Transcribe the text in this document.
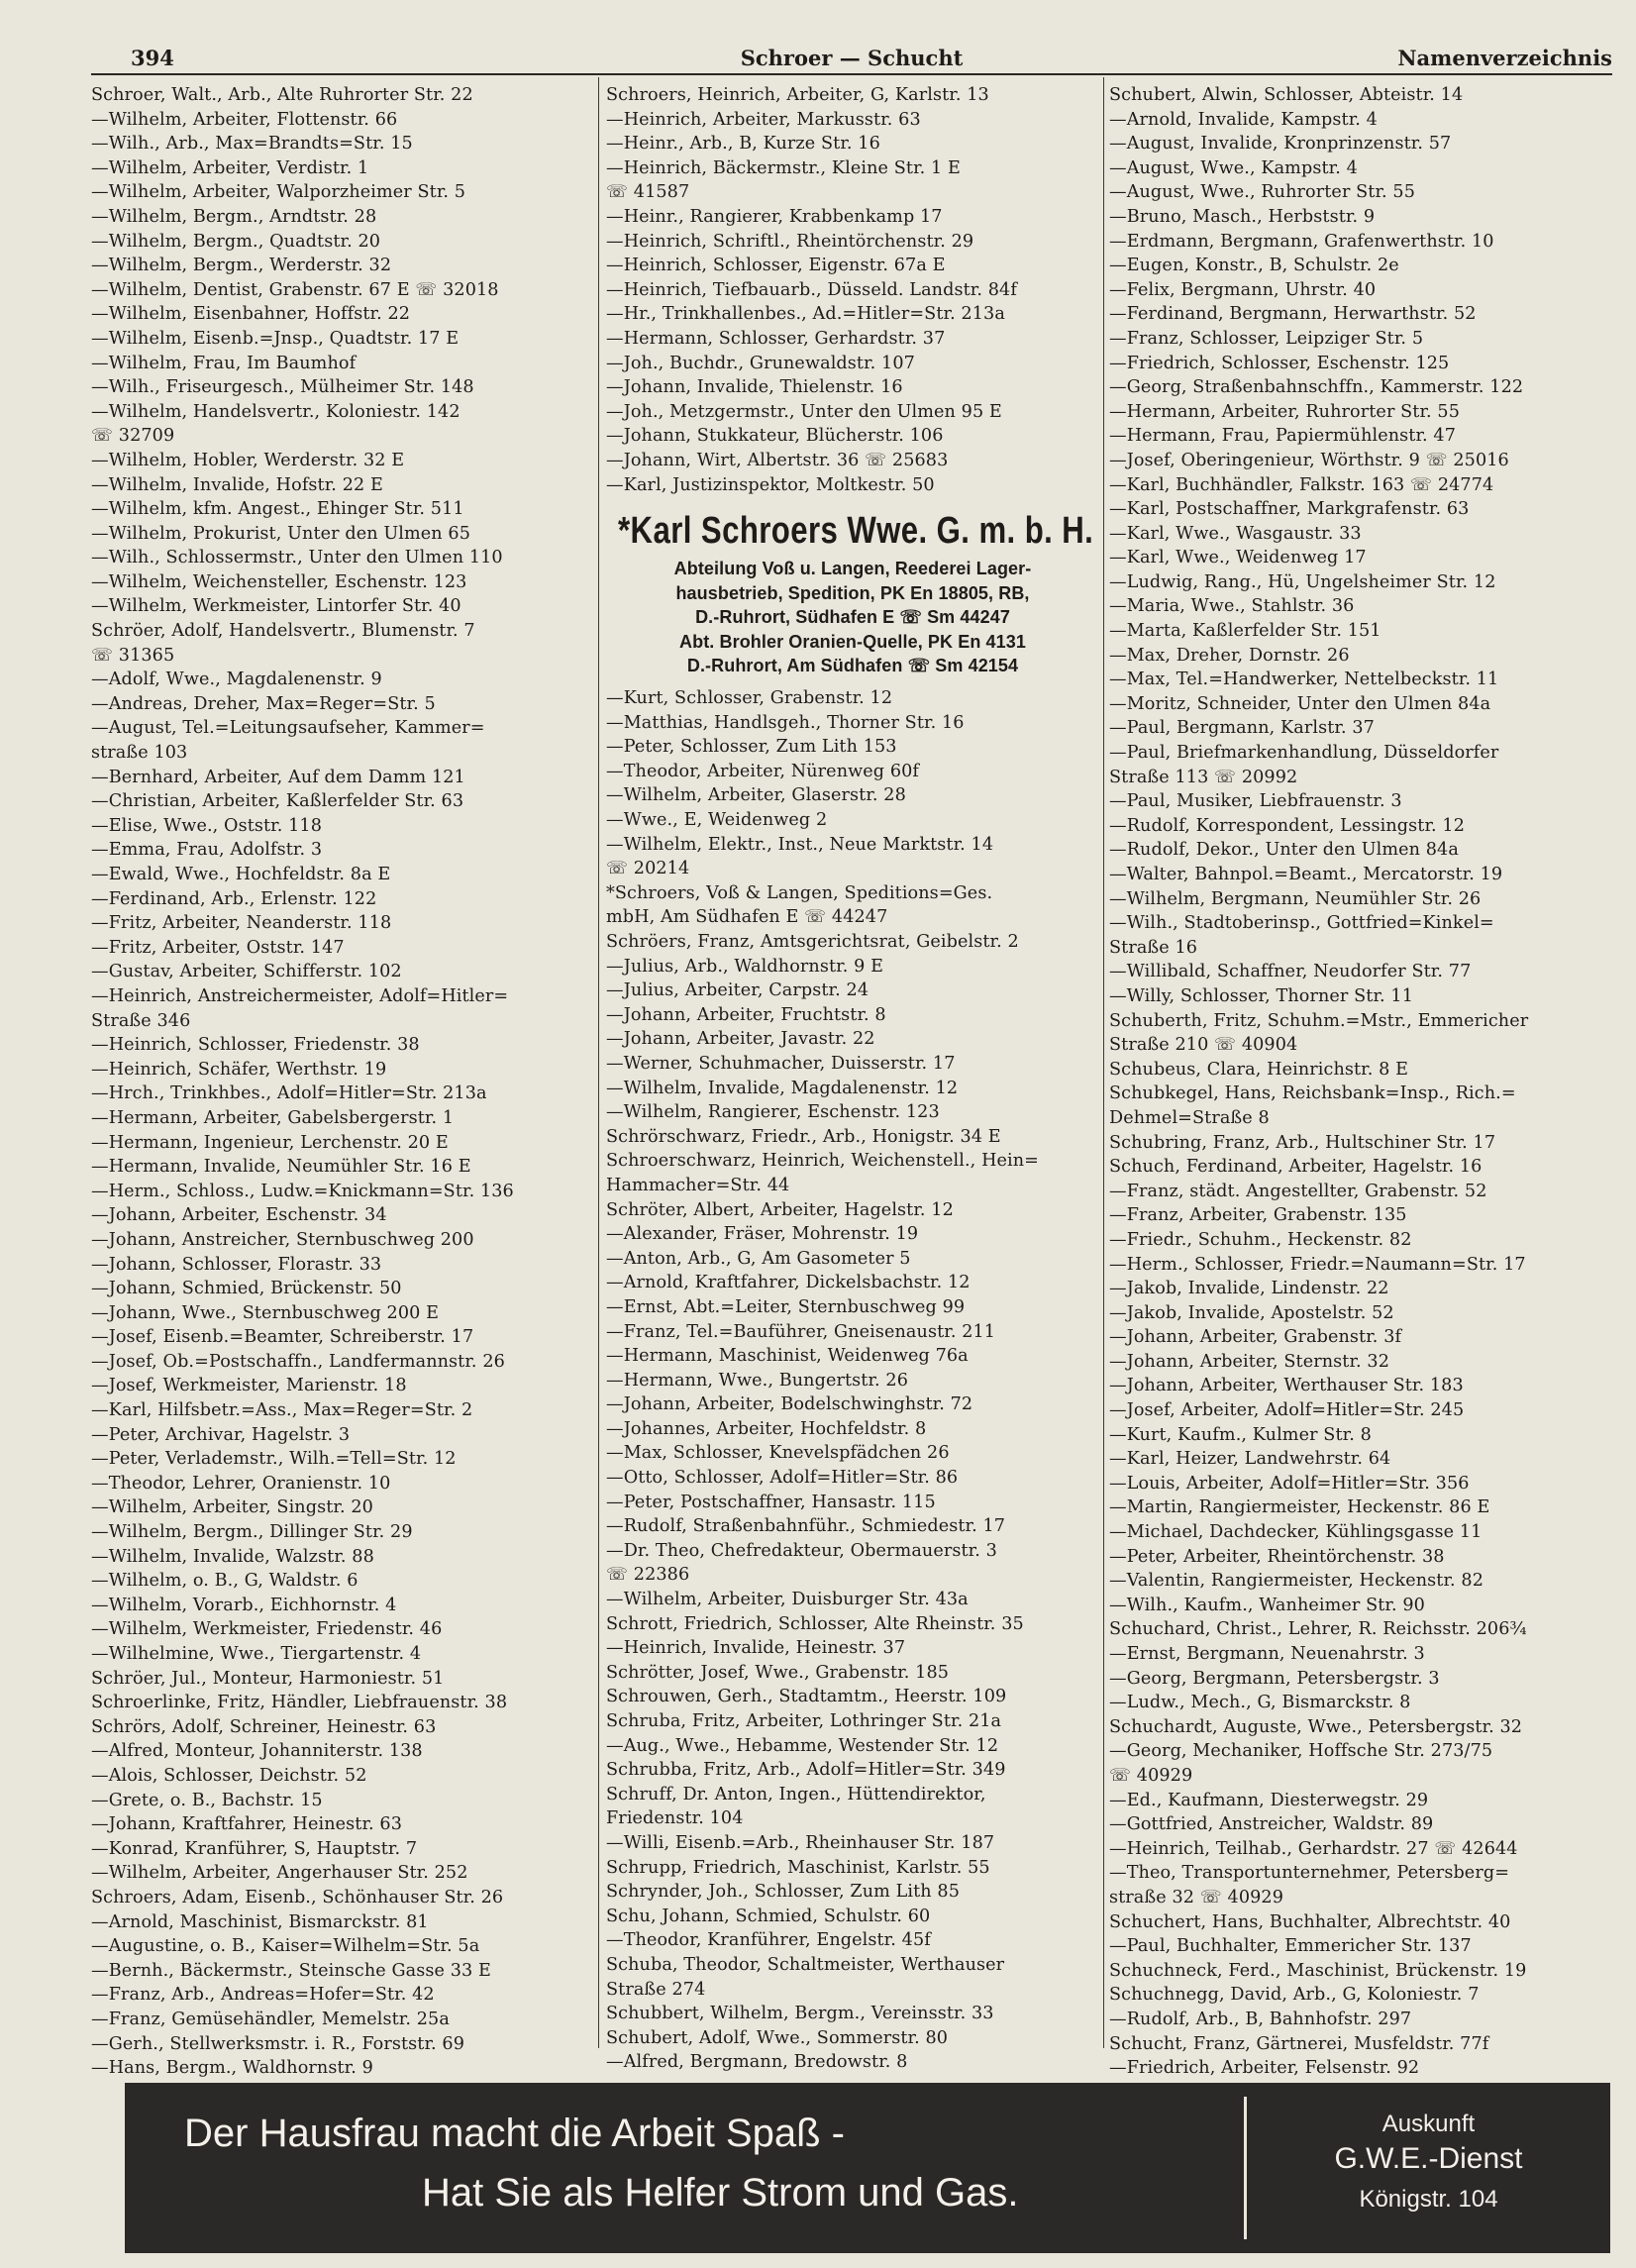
394	Schroer — Schucht	Namenverzeichnis
Schroer, Walt., Arb., Alte Ruhrorter Str. 22
—Wilhelm, Arbeiter, Flottenstr. 66
—Wilh., Arb., Max=Brandts=Str. 15
—Wilhelm, Arbeiter, Verdistr. 1
—Wilhelm, Arbeiter, Walporzheimer Str. 5
—Wilhelm, Bergm., Arndtstr. 28
—Wilhelm, Bergm., Quadtstr. 20
—Wilhelm, Bergm., Werderstr. 32
—Wilhelm, Dentist, Grabenstr. 67 E ☏ 32018
—Wilhelm, Eisenbahner, Hoffstr. 22
—Wilhelm, Eisenb.=Jnsp., Quadtstr. 17 E
—Wilhelm, Frau, Im Baumhof
—Wilh., Friseurgesch., Mülheimer Str. 148
—Wilhelm, Handelsvertr., Koloniestr. 142
☏ 32709
—Wilhelm, Hobler, Werderstr. 32 E
—Wilhelm, Invalide, Hofstr. 22 E
—Wilhelm, kfm. Angest., Ehinger Str. 511
—Wilhelm, Prokurist, Unter den Ulmen 65
—Wilh., Schlossermstr., Unter den Ulmen 110
—Wilhelm, Weichensteller, Eschenstr. 123
—Wilhelm, Werkmeister, Lintorfer Str. 40
Schröer, Adolf, Handelsvertr., Blumenstr. 7
☏ 31365
—Adolf, Wwe., Magdalenenstr. 9
—Andreas, Dreher, Max=Reger=Str. 5
—August, Tel.=Leitungsaufseher, Kammer=
straße 103
—Bernhard, Arbeiter, Auf dem Damm 121
—Christian, Arbeiter, Kaßlerfelder Str. 63
—Elise, Wwe., Oststr. 118
—Emma, Frau, Adolfstr. 3
—Ewald, Wwe., Hochfeldstr. 8a E
—Ferdinand, Arb., Erlenstr. 122
—Fritz, Arbeiter, Neanderstr. 118
—Fritz, Arbeiter, Oststr. 147
—Gustav, Arbeiter, Schifferstr. 102
—Heinrich, Anstreichermeister, Adolf=Hitler=
Straße 346
—Heinrich, Schlosser, Friedenstr. 38
—Heinrich, Schäfer, Werthstr. 19
—Hrch., Trinkhbes., Adolf=Hitler=Str. 213a
—Hermann, Arbeiter, Gabelsbergerstr. 1
—Hermann, Ingenieur, Lerchenstr. 20 E
—Hermann, Invalide, Neumühler Str. 16 E
—Herm., Schloss., Ludw.=Knickmann=Str. 136
—Johann, Arbeiter, Eschenstr. 34
—Johann, Anstreicher, Sternbuschweg 200
—Johann, Schlosser, Florastr. 33
—Johann, Schmied, Brückenstr. 50
—Johann, Wwe., Sternbuschweg 200 E
—Josef, Eisenb.=Beamter, Schreiberstr. 17
—Josef, Ob.=Postschaffn., Landfermannstr. 26
—Josef, Werkmeister, Marienstr. 18
—Karl, Hilfsbetr.=Ass., Max=Reger=Str. 2
—Peter, Archivar, Hagelstr. 3
—Peter, Verlademstr., Wilh.=Tell=Str. 12
—Theodor, Lehrer, Oranienstr. 10
—Wilhelm, Arbeiter, Singstr. 20
—Wilhelm, Bergm., Dillinger Str. 29
—Wilhelm, Invalide, Walzstr. 88
—Wilhelm, o. B., G, Waldstr. 6
—Wilhelm, Vorarb., Eichhornstr. 4
—Wilhelm, Werkmeister, Friedenstr. 46
—Wilhelmine, Wwe., Tiergartenstr. 4
Schröer, Jul., Monteur, Harmoniestr. 51
Schroerlinke, Fritz, Händler, Liebfrauenstr. 38
Schrörs, Adolf, Schreiner, Heinestr. 63
—Alfred, Monteur, Johanniterstr. 138
—Alois, Schlosser, Deichstr. 52
—Grete, o. B., Bachstr. 15
—Johann, Kraftfahrer, Heinestr. 63
—Konrad, Kranführer, S, Hauptstr. 7
—Wilhelm, Arbeiter, Angerhauser Str. 252
Schroers, Adam, Eisenb., Schönhauser Str. 26
—Arnold, Maschinist, Bismarckstr. 81
—Augustine, o. B., Kaiser=Wilhelm=Str. 5a
—Bernh., Bäckermstr., Steinsche Gasse 33 E
—Franz, Arb., Andreas=Hofer=Str. 42
—Franz, Gemüsehändler, Memelstr. 25a
—Gerh., Stellwerksmstr. i. R., Forststr. 69
—Hans, Bergm., Waldhornstr. 9
Schroers, Heinrich, Arbeiter, G, Karlstr. 13
—Heinrich, Arbeiter, Markusstr. 63
—Heinr., Arb., B, Kurze Str. 16
—Heinrich, Bäckermstr., Kleine Str. 1 E
☏ 41587
—Heinr., Rangierer, Krabbenkamp 17
—Heinrich, Schriftl., Rheintörchenstr. 29
—Heinrich, Schlosser, Eigenstr. 67a E
—Heinrich, Tiefbauarb., Düsseld. Landstr. 84f
—Hr., Trinkhallenbes., Ad.=Hitler=Str. 213a
—Hermann, Schlosser, Gerhardstr. 37
—Joh., Buchdr., Grunewaldstr. 107
—Johann, Invalide, Thielenstr. 16
—Joh., Metzgermstr., Unter den Ulmen 95 E
—Johann, Stukkateur, Blücherstr. 106
—Johann, Wirt, Albertstr. 36 ☏ 25683
—Karl, Justizinspektor, Moltkestr. 50
*Karl Schroers Wwe. G. m. b. H.
Abteilung Voß u. Langen, Reederei Lager-
hausbetrieb, Spedition, PK En 18805, RB,
D.-Ruhrort, Südhafen E ☏ Sm 44247
Abt. Brohler Oranien-Quelle, PK En 4131
D.-Ruhrort, Am Südhafen ☏ Sm 42154
—Kurt, Schlosser, Grabenstr. 12
—Matthias, Handlsgeh., Thorner Str. 16
—Peter, Schlosser, Zum Lith 153
—Theodor, Arbeiter, Nürenweg 60f
—Wilhelm, Arbeiter, Glaserstr. 28
—Wwe., E, Weidenweg 2
—Wilhelm, Elektr., Inst., Neue Marktstr. 14
☏ 20214
*Schroers, Voß & Langen, Speditions=Ges.
mbH, Am Südhafen E ☏ 44247
Schröers, Franz, Amtsgerichtsrat, Geibelstr. 2
—Julius, Arb., Waldhornstr. 9 E
—Julius, Arbeiter, Carpstr. 24
—Johann, Arbeiter, Fruchtstr. 8
—Johann, Arbeiter, Javastr. 22
—Werner, Schuhmacher, Duisserstr. 17
—Wilhelm, Invalide, Magdalenenstr. 12
—Wilhelm, Rangierer, Eschenstr. 123
Schrörschwarz, Friedr., Arb., Honigstr. 34 E
Schroerschwarz, Heinrich, Weichenstell., Hein=
Hammacher=Str. 44
Schröter, Albert, Arbeiter, Hagelstr. 12
—Alexander, Fräser, Mohrenstr. 19
—Anton, Arb., G, Am Gasometer 5
—Arnold, Kraftfahrer, Dickelsbachstr. 12
—Ernst, Abt.=Leiter, Sternbuschweg 99
—Franz, Tel.=Bauführer, Gneisenaustr. 211
—Hermann, Maschinist, Weidenweg 76a
—Hermann, Wwe., Bungertstr. 26
—Johann, Arbeiter, Bodelschwinghstr. 72
—Johannes, Arbeiter, Hochfeldstr. 8
—Max, Schlosser, Knevelspfädchen 26
—Otto, Schlosser, Adolf=Hitler=Str. 86
—Peter, Postschaffner, Hansastr. 115
—Rudolf, Straßenbahnführ., Schmiedestr. 17
—Dr. Theo, Chefredakteur, Obermauerstr. 3
☏ 22386
—Wilhelm, Arbeiter, Duisburger Str. 43a
Schrott, Friedrich, Schlosser, Alte Rheinstr. 35
—Heinrich, Invalide, Heinestr. 37
Schrötter, Josef, Wwe., Grabenstr. 185
Schrouwen, Gerh., Stadtamtm., Heerstr. 109
Schruba, Fritz, Arbeiter, Lothringer Str. 21a
—Aug., Wwe., Hebamme, Westender Str. 12
Schrubba, Fritz, Arb., Adolf=Hitler=Str. 349
Schruff, Dr. Anton, Ingen., Hüttendirektor,
Friedenstr. 104
—Willi, Eisenb.=Arb., Rheinhauser Str. 187
Schrupp, Friedrich, Maschinist, Karlstr. 55
Schrynder, Joh., Schlosser, Zum Lith 85
Schu, Johann, Schmied, Schulstr. 60
—Theodor, Kranführer, Engelstr. 45f
Schuba, Theodor, Schaltmeister, Werthauser
Straße 274
Schubbert, Wilhelm, Bergm., Vereinsstr. 33
Schubert, Adolf, Wwe., Sommerstr. 80
—Alfred, Bergmann, Bredowstr. 8
Schubert, Alwin, Schlosser, Abteistr. 14
—Arnold, Invalide, Kampstr. 4
—August, Invalide, Kronprinzenstr. 57
—August, Wwe., Kampstr. 4
—August, Wwe., Ruhrorter Str. 55
—Bruno, Masch., Herbststr. 9
—Erdmann, Bergmann, Grafenwerthstr. 10
—Eugen, Konstr., B, Schulstr. 2e
—Felix, Bergmann, Uhrstr. 40
—Ferdinand, Bergmann, Herwarthstr. 52
—Franz, Schlosser, Leipziger Str. 5
—Friedrich, Schlosser, Eschenstr. 125
—Georg, Straßenbahnschffn., Kammerstr. 122
—Hermann, Arbeiter, Ruhrorter Str. 55
—Hermann, Frau, Papiermühlenstr. 47
—Josef, Oberingenieur, Wörthstr. 9 ☏ 25016
—Karl, Buchhändler, Falkstr. 163 ☏ 24774
—Karl, Postschaffner, Markgrafenstr. 63
—Karl, Wwe., Wasgaustr. 33
—Karl, Wwe., Weidenweg 17
—Ludwig, Rang., Hü, Ungelsheimer Str. 12
—Maria, Wwe., Stahlstr. 36
—Marta, Kaßlerfelder Str. 151
—Max, Dreher, Dornstr. 26
—Max, Tel.=Handwerker, Nettelbeckstr. 11
—Moritz, Schneider, Unter den Ulmen 84a
—Paul, Bergmann, Karlstr. 37
—Paul, Briefmarkenhandlung, Düsseldorfer
Straße 113 ☏ 20992
—Paul, Musiker, Liebfrauenstr. 3
—Rudolf, Korrespondent, Lessingstr. 12
—Rudolf, Dekor., Unter den Ulmen 84a
—Walter, Bahnpol.=Beamt., Mercatorstr. 19
—Wilhelm, Bergmann, Neumühler Str. 26
—Wilh., Stadtoberinsp., Gottfried=Kinkel=
Straße 16
—Willibald, Schaffner, Neudorfer Str. 77
—Willy, Schlosser, Thorner Str. 11
Schuberth, Fritz, Schuhm.=Mstr., Emmericher
Straße 210 ☏ 40904
Schubeus, Clara, Heinrichstr. 8 E
Schubkegel, Hans, Reichsbank=Insp., Rich.=
Dehmel=Straße 8
Schubring, Franz, Arb., Hultschiner Str. 17
Schuch, Ferdinand, Arbeiter, Hagelstr. 16
—Franz, städt. Angestellter, Grabenstr. 52
—Franz, Arbeiter, Grabenstr. 135
—Friedr., Schuhm., Heckenstr. 82
—Herm., Schlosser, Friedr.=Naumann=Str. 17
—Jakob, Invalide, Lindenstr. 22
—Jakob, Invalide, Apostelstr. 52
—Johann, Arbeiter, Grabenstr. 3f
—Johann, Arbeiter, Sternstr. 32
—Johann, Arbeiter, Werthauser Str. 183
—Josef, Arbeiter, Adolf=Hitler=Str. 245
—Kurt, Kaufm., Kulmer Str. 8
—Karl, Heizer, Landwehrstr. 64
—Louis, Arbeiter, Adolf=Hitler=Str. 356
—Martin, Rangiermeister, Heckenstr. 86 E
—Michael, Dachdecker, Kühlingsgasse 11
—Peter, Arbeiter, Rheintörchenstr. 38
—Valentin, Rangiermeister, Heckenstr. 82
—Wilh., Kaufm., Wanheimer Str. 90
Schuchard, Christ., Lehrer, R. Reichsstr. 206¾
—Ernst, Bergmann, Neuenahrstr. 3
—Georg, Bergmann, Petersbergstr. 3
—Ludw., Mech., G, Bismarckstr. 8
Schuchardt, Auguste, Wwe., Petersbergstr. 32
—Georg, Mechaniker, Hoffsche Str. 273/75
☏ 40929
—Ed., Kaufmann, Diesterwegstr. 29
—Gottfried, Anstreicher, Waldstr. 89
—Heinrich, Teilhab., Gerhardstr. 27 ☏ 42644
—Theo, Transportunternehmer, Petersberg=
straße 32 ☏ 40929
Schuchert, Hans, Buchhalter, Albrechtstr. 40
—Paul, Buchhalter, Emmericher Str. 137
Schuchneck, Ferd., Maschinist, Brückenstr. 19
Schuchnegg, David, Arb., G, Koloniestr. 7
—Rudolf, Arb., B, Bahnhofstr. 297
Schucht, Franz, Gärtnerei, Musfeldstr. 77f
—Friedrich, Arbeiter, Felsenstr. 92
Der Hausfrau macht die Arbeit Spaß -
Hat Sie als Helfer Strom und Gas.
Auskunft
G.W.E.-Dienst
Königstr. 104
